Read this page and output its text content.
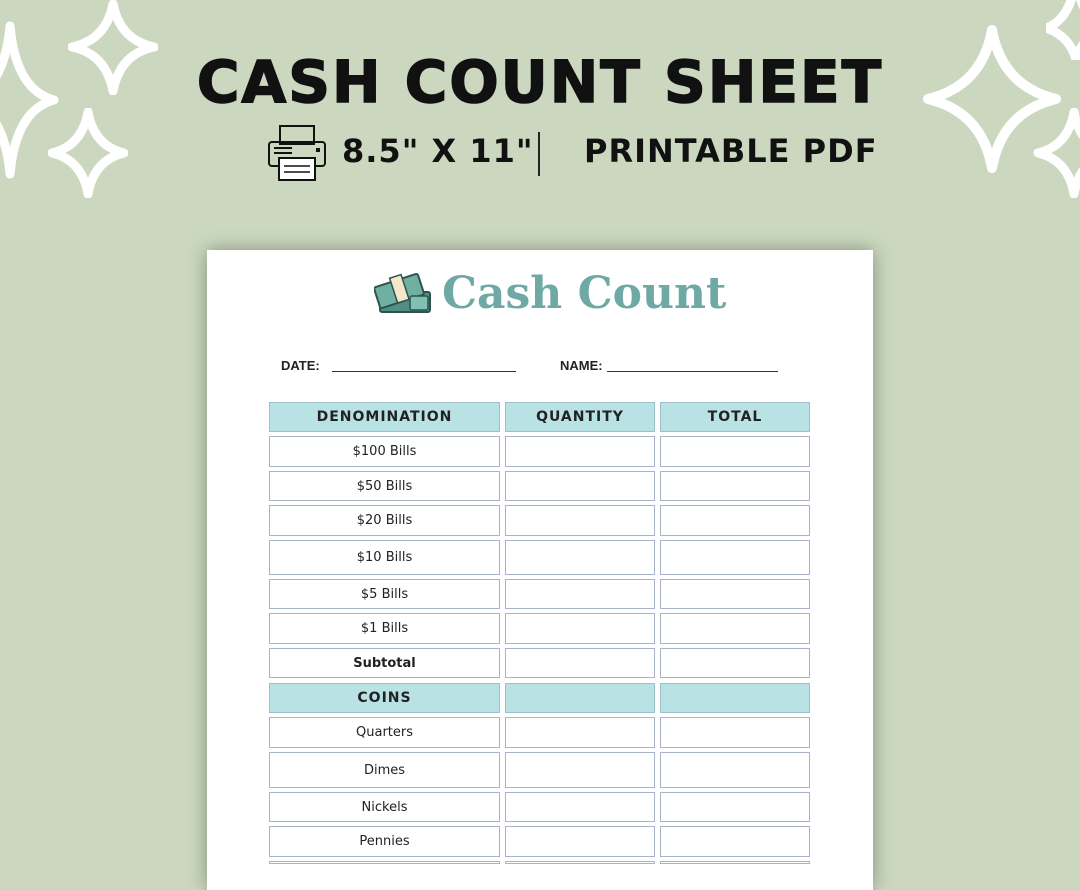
CASH COUNT SHEET
8.5" X 11" PRINTABLE PDF
Cash Count
DATE:	NAME:
DENOMINATION	QUANTITY	TOTAL
$100 Bills
$50 Bills
$20 Bills
$10 Bills
$5 Bills
$1 Bills
Subtotal
COINS
Quarters
Dimes
Nickels
Pennies
